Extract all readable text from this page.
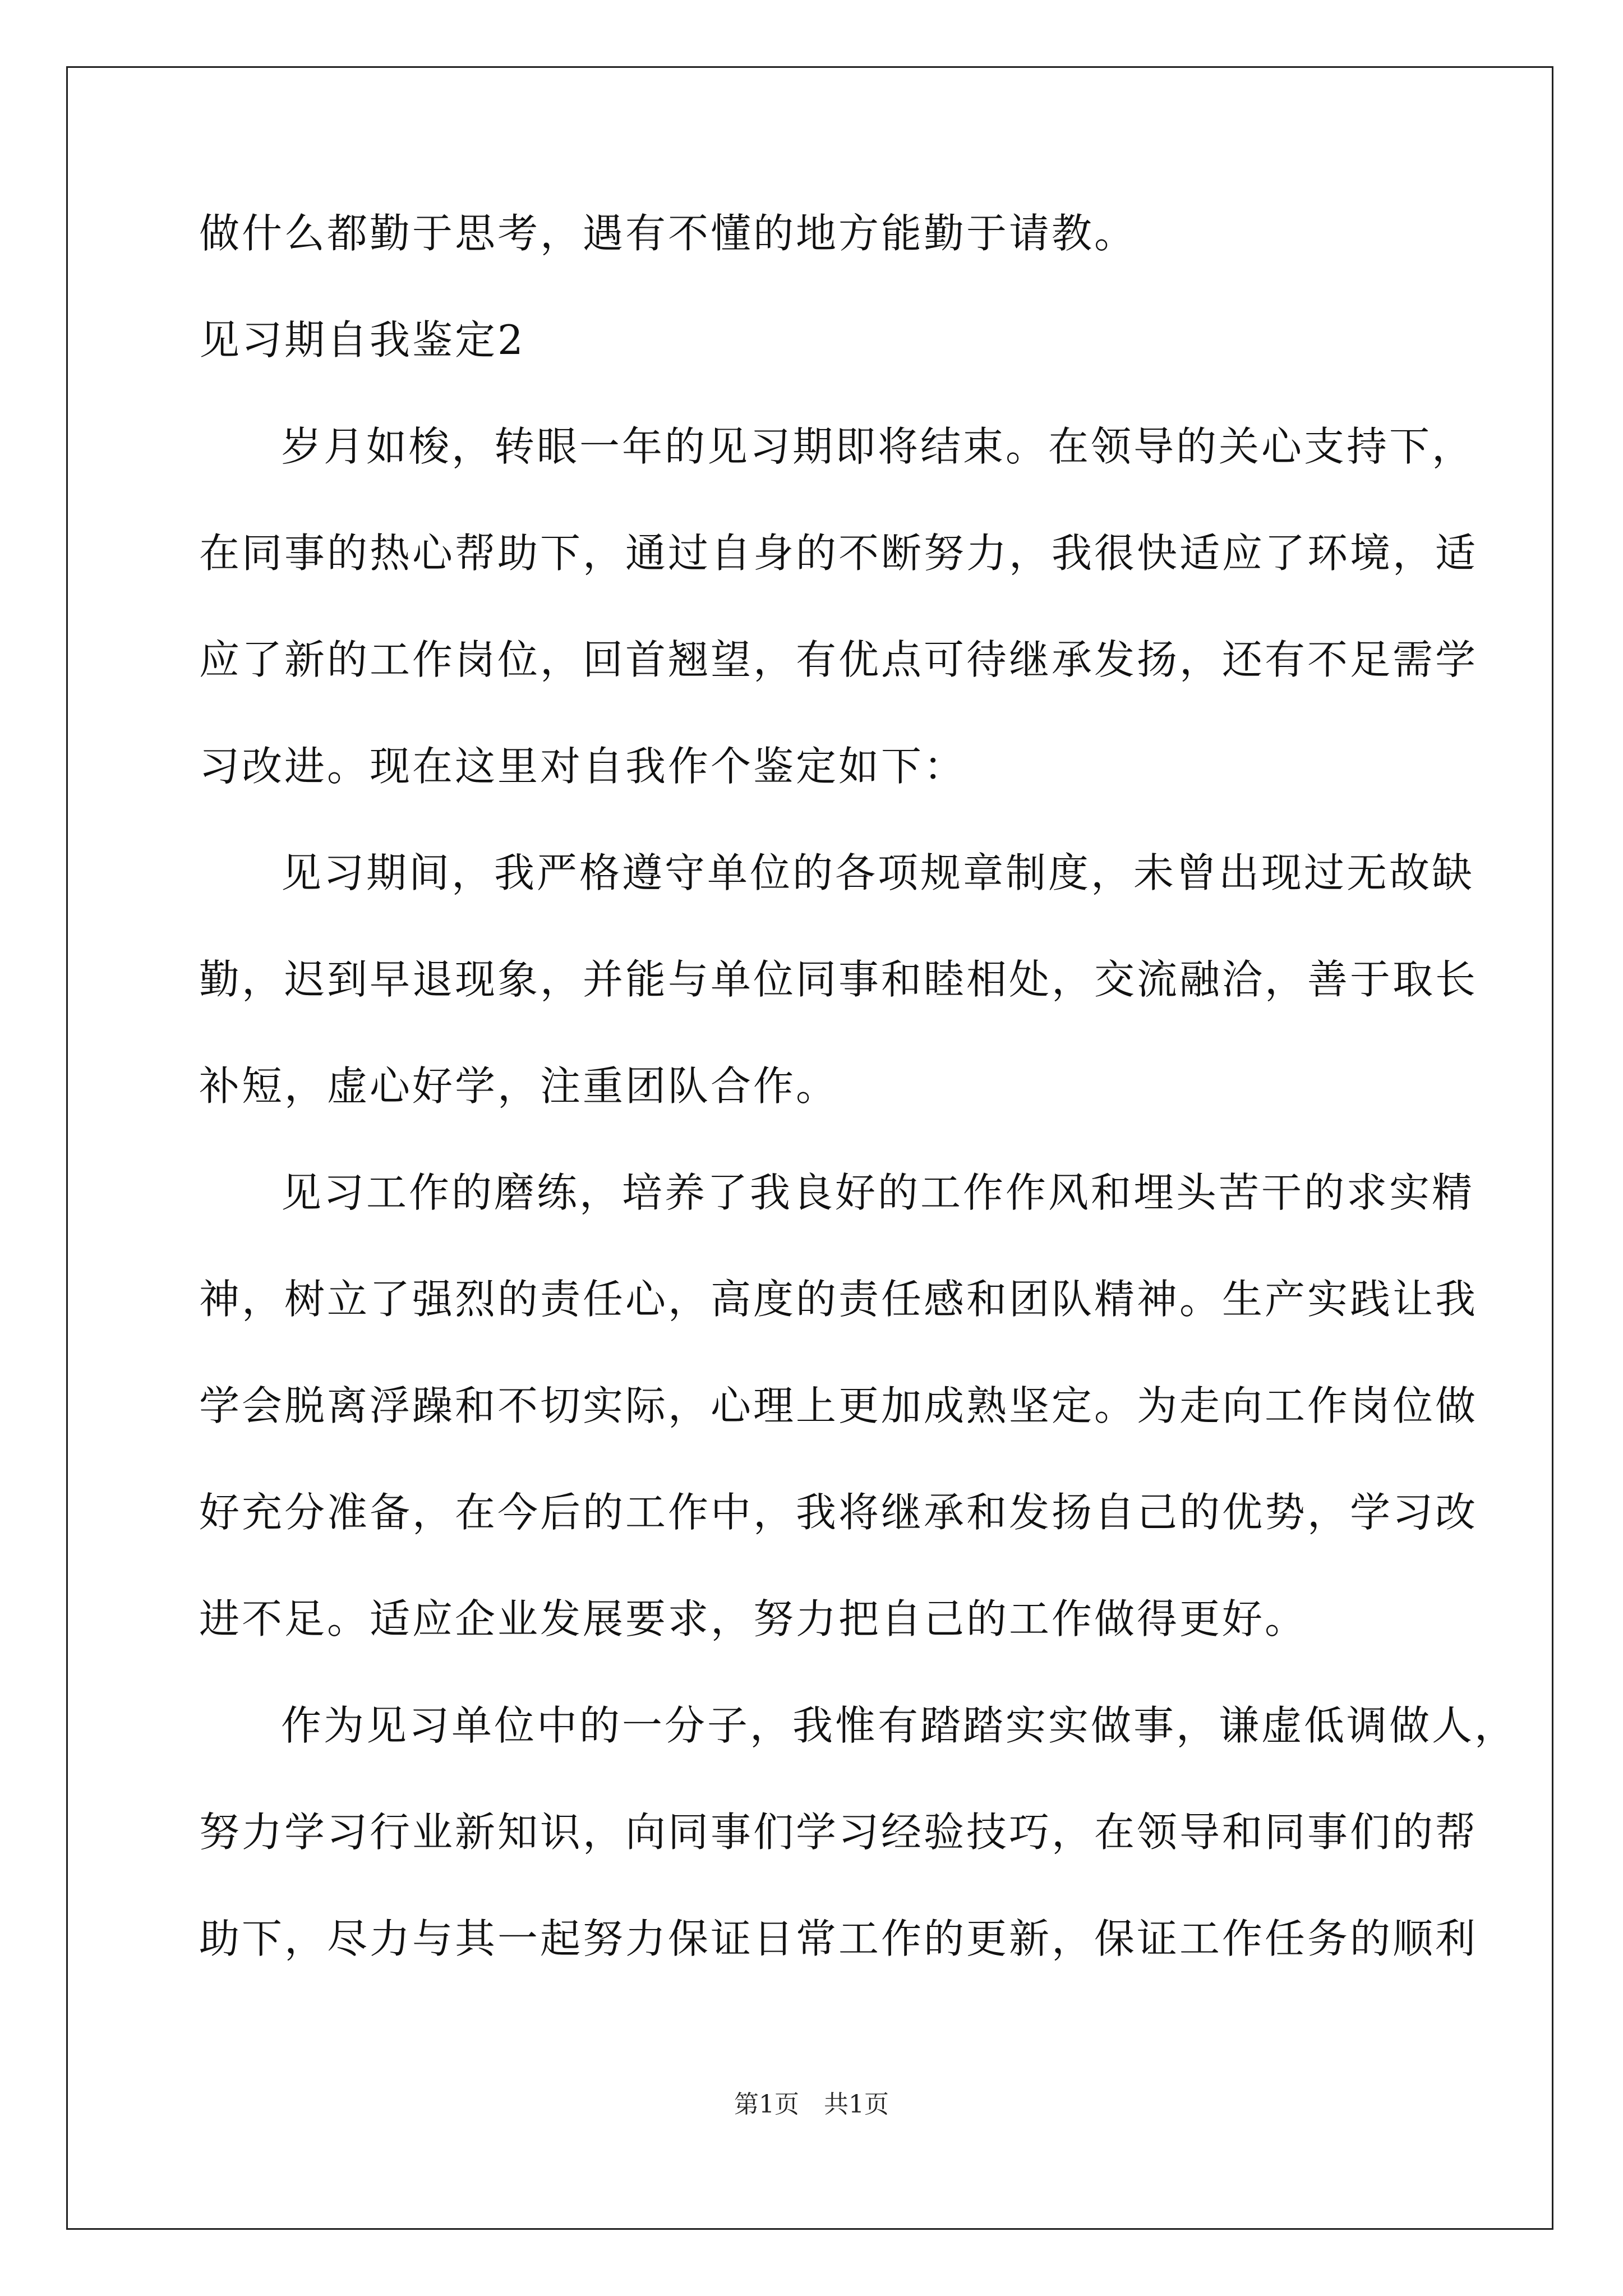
做什么都勤于思考，遇有不懂的地方能勤于请教。
见习期自我鉴定2
岁月如梭，转眼一年的见习期即将结束。在领导的关心支持下，
在同事的热心帮助下，通过自身的不断努力，我很快适应了环境，适
应了新的工作岗位，回首翘望，有优点可待继承发扬，还有不足需学
习改进。现在这里对自我作个鉴定如下：
见习期间，我严格遵守单位的各项规章制度，未曾出现过无故缺
勤，迟到早退现象，并能与单位同事和睦相处，交流融洽，善于取长
补短，虚心好学，注重团队合作。
见习工作的磨练，培养了我良好的工作作风和埋头苦干的求实精
神，树立了强烈的责任心，高度的责任感和团队精神。生产实践让我
学会脱离浮躁和不切实际，心理上更加成熟坚定。为走向工作岗位做
好充分准备，在今后的工作中，我将继承和发扬自己的优势，学习改
进不足。适应企业发展要求，努力把自己的工作做得更好。
作为见习单位中的一分子，我惟有踏踏实实做事，谦虚低调做人，
努力学习行业新知识，向同事们学习经验技巧，在领导和同事们的帮
助下，尽力与其一起努力保证日常工作的更新，保证工作任务的顺利
第1页　共1页
